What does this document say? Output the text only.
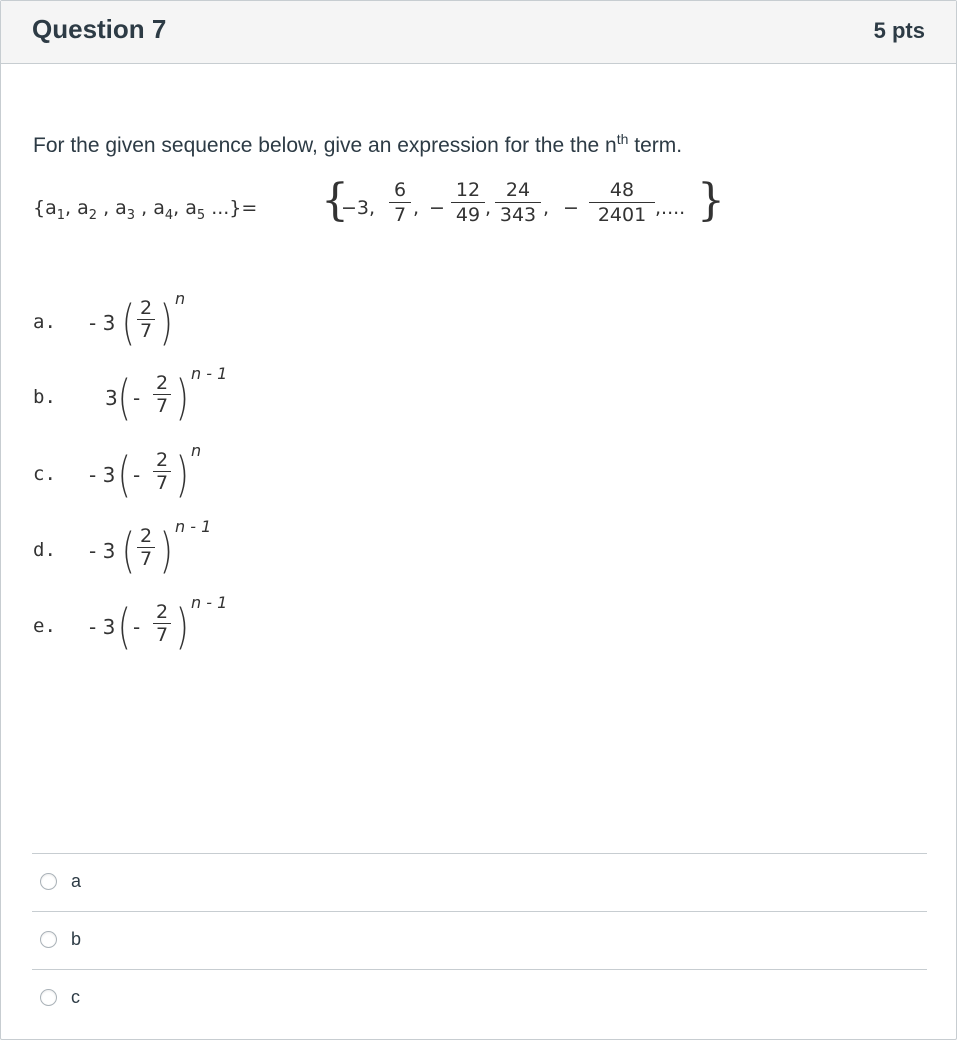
Question 7	5 pts
For the given sequence below, give an expression for the the $n^{th}$ term.
{$a_1$, $a_2$ , $a_3$ , $a_4$, $a_5$ ...}= {
−3,
6
7 , −
12
49 ,
24
343 , −
48
2401 ,.... }
a. - 3 ( 2
7 ) n
b. 3 ( -
2
7 ) n - 1
c. - 3 ( -
2
7 ) n
d. - 3 ( 2
7 ) n - 1
e. - 3 ( -
2
7 ) n - 1
a
b
c
